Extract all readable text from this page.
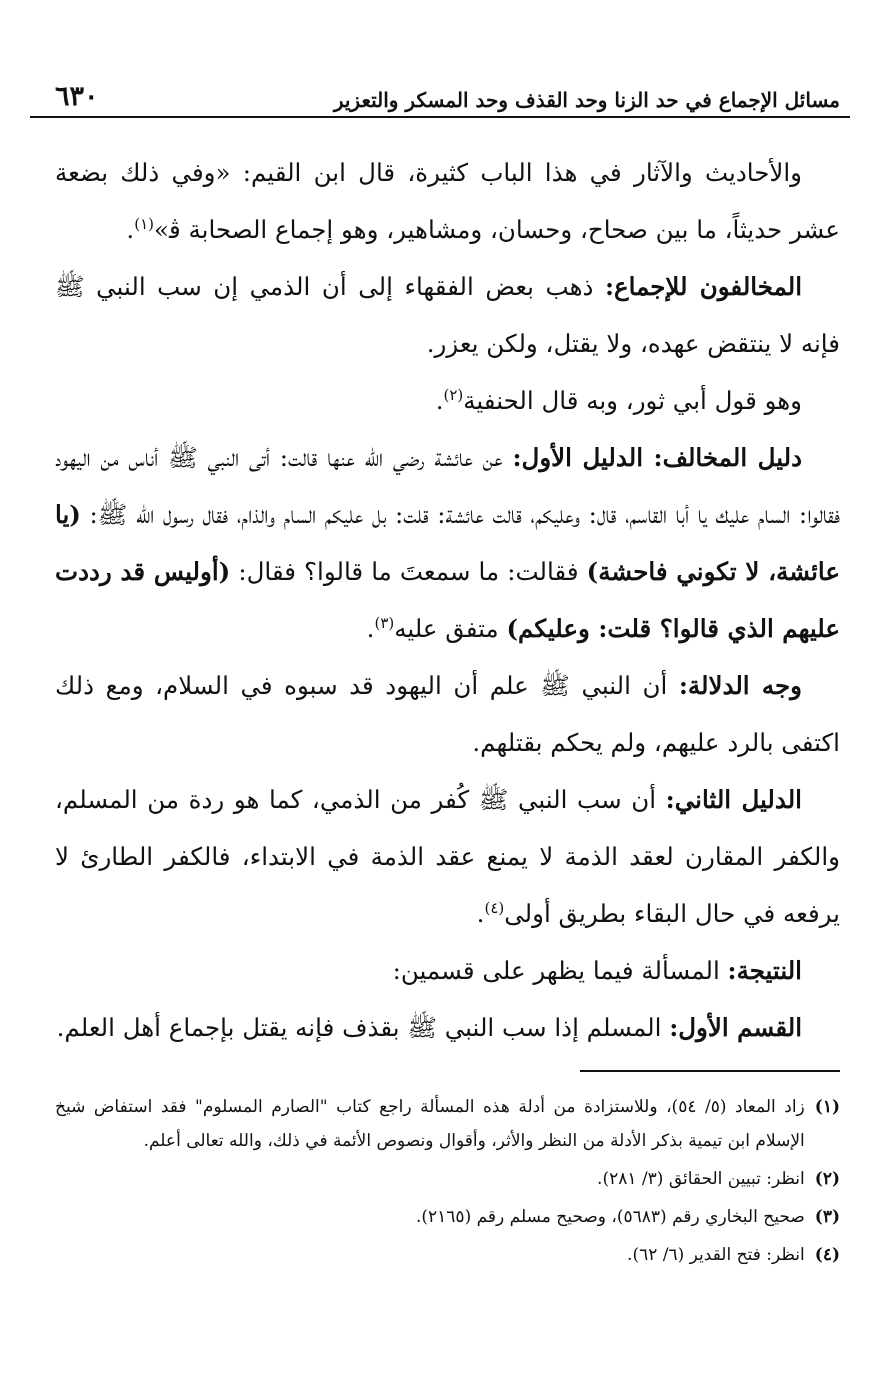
مسائل الإجماع في حد الزنا وحد القذف وحد المسكر والتعزير
٦٣٠

والأحاديث والآثار في هذا الباب كثيرة، قال ابن القيم: «وفي ذلك بضعة عشر حديثاً، ما بين صحاح، وحسان، ومشاهير، وهو إجماع الصحابة ﭬ»$^{(١)}$.

المخالفون للإجماع: ذهب بعض الفقهاء إلى أن الذمي إن سب النبي ﷺ فإنه لا ينتقض عهده، ولا يقتل، ولكن يعزر.

وهو قول أبي ثور، وبه قال الحنفية$^{(٢)}$.

دليل المخالف: الدليل الأول: عن عائشة رضي الله عنها قالت: أتى النبي ﷺ أناس من اليهود فقالوا: السام عليك يا أبا القاسم، قال: وعليكم، قالت عائشة: قلت: بل عليكم السام والذام، فقال رسول الله ﷺ: (يا عائشة، لا تكوني فاحشة) فقالت: ما سمعتَ ما قالوا؟ فقال: (أوليس قد رددت عليهم الذي قالوا؟ قلت: وعليكم) متفق عليه$^{(٣)}$.

وجه الدلالة: أن النبي ﷺ علم أن اليهود قد سبوه في السلام، ومع ذلك اكتفى بالرد عليهم، ولم يحكم بقتلهم.

الدليل الثاني: أن سب النبي ﷺ كُفر من الذمي، كما هو ردة من المسلم، والكفر المقارن لعقد الذمة لا يمنع عقد الذمة في الابتداء، فالكفر الطارئ لا يرفعه في حال البقاء بطريق أولى$^{(٤)}$.

النتيجة: المسألة فيما يظهر على قسمين:

القسم الأول: المسلم إذا سب النبي ﷺ بقذف فإنه يقتل بإجماع أهل العلم.

(١)
زاد المعاد (٥/ ٥٤)، وللاستزادة من أدلة هذه المسألة راجع كتاب "الصارم المسلوم" فقد استفاض شيخ الإسلام ابن تيمية بذكر الأدلة من النظر والأثر، وأقوال ونصوص الأئمة في ذلك، والله تعالى أعلم.
(٢)
انظر: تبيين الحقائق (٣/ ٢٨١).
(٣)
صحيح البخاري رقم (٥٦٨٣)، وصحيح مسلم رقم (٢١٦٥).
(٤)
انظر: فتح القدير (٦/ ٦٢).
